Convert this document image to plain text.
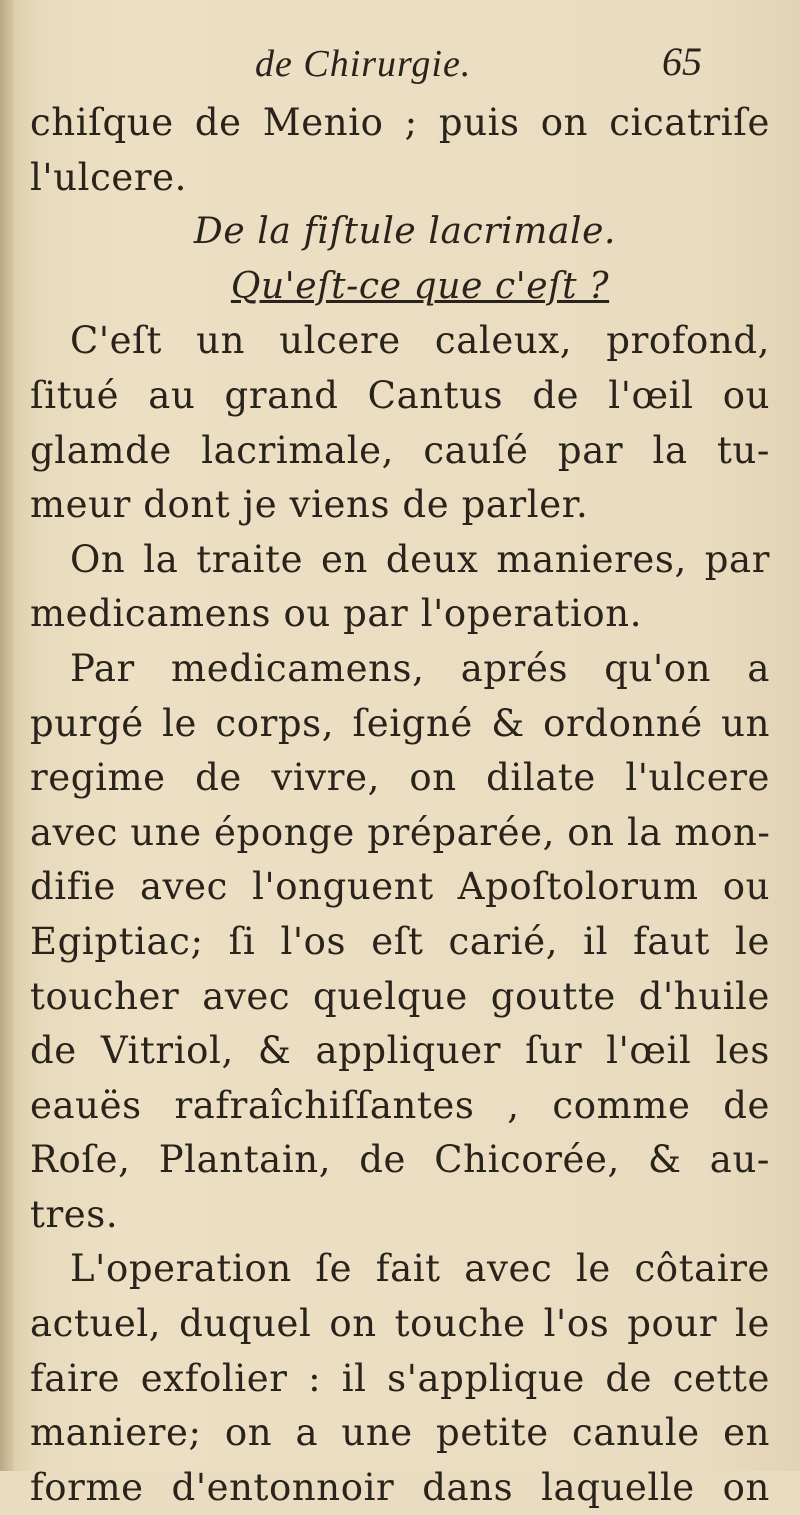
de Chirurgie.	65
chiſque de Menio ; puis on cicatriſe
l'ulcere.
De la fiſtule lacrimale.
Qu'eſt-ce que c'eſt ?
C'eſt un ulcere caleux, profond,
ſitué au grand Cantus de l'œil ou
glamde lacrimale, cauſé par la tu-
meur dont je viens de parler.
On la traite en deux manieres, par
medicamens ou par l'operation.
Par medicamens, aprés qu'on a
purgé le corps, ſeigné & ordonné un
regime de vivre, on dilate l'ulcere
avec une éponge préparée, on la mon-
difie avec l'onguent Apoſtolorum ou
Egiptiac; ſi l'os eſt carié, il faut le
toucher avec quelque goutte d'huile
de Vitriol, & appliquer ſur l'œil les
eauës rafraîchiſſantes , comme de
Roſe, Plantain, de Chicorée, & au-
tres.
L'operation ſe fait avec le côtaire
actuel, duquel on touche l'os pour le
faire exfolier : il s'applique de cette
maniere; on a une petite canule en
forme d'entonnoir dans laquelle on
